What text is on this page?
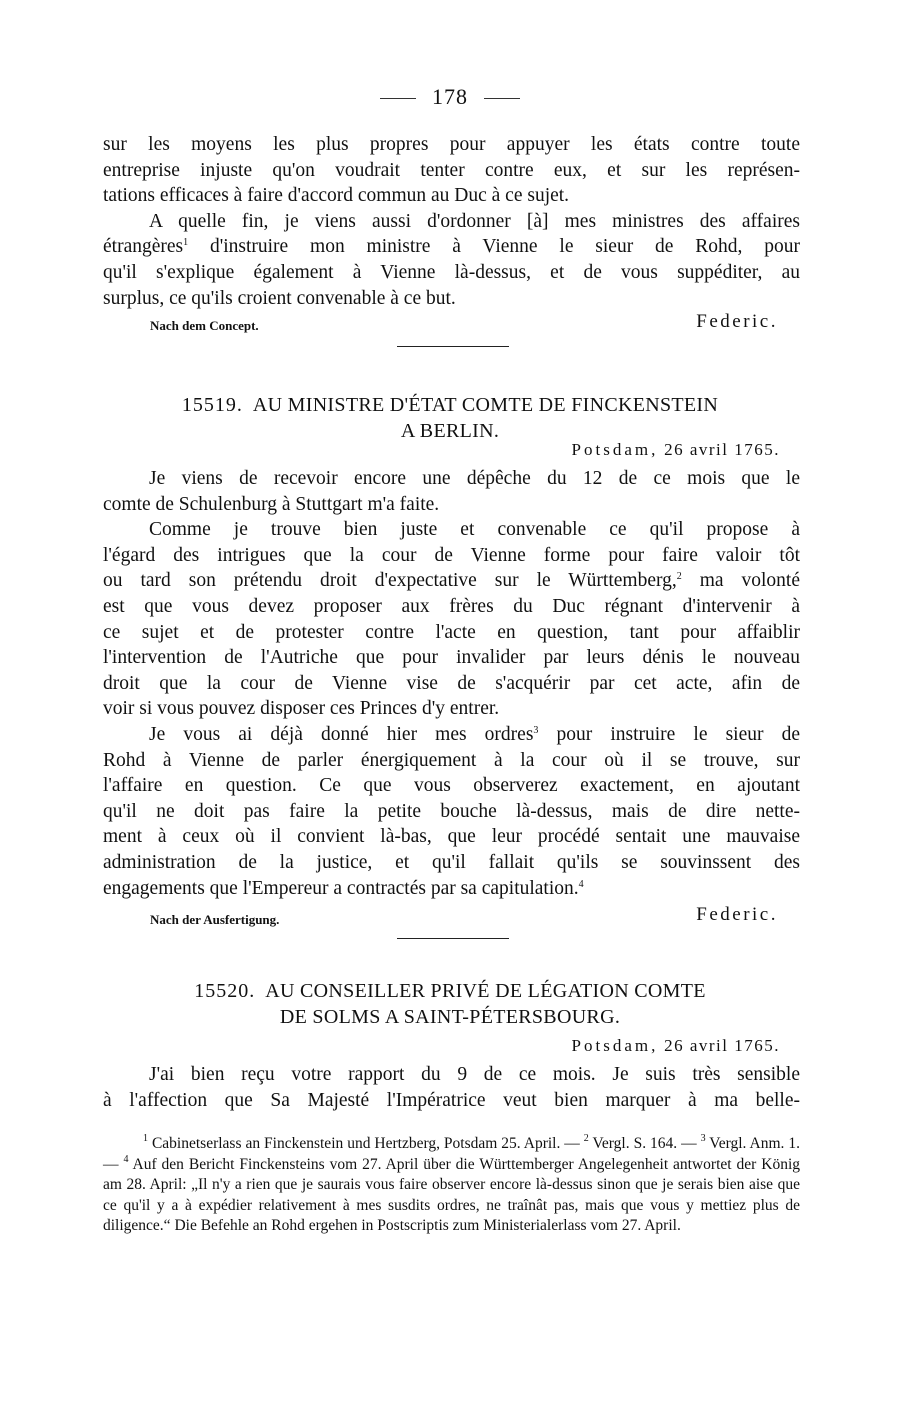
178

sur les moyens les plus propres pour appuyer les états contre toute
entreprise injuste qu'on voudrait tenter contre eux, et sur les représen-
tations efficaces à faire d'accord commun au Duc à ce sujet.

A quelle fin, je viens aussi d'ordonner [à] mes ministres des affaires
étrangères$^1$ d'instruire mon ministre à Vienne le sieur de Rohd, pour
qu'il s'explique également à Vienne là-dessus, et de vous suppéditer, au
surplus, ce qu'ils croient convenable à ce but.

Nach dem Concept.	Federic.
15519. AU MINISTRE D'ÉTAT COMTE DE FINCKENSTEIN
A BERLIN.
Potsdam, 26 avril 1765.

Je viens de recevoir encore une dépêche du 12 de ce mois que le
comte de Schulenburg à Stuttgart m'a faite.

Comme je trouve bien juste et convenable ce qu'il propose à
l'égard des intrigues que la cour de Vienne forme pour faire valoir tôt
ou tard son prétendu droit d'expectative sur le Württemberg,$^2$ ma volonté
est que vous devez proposer aux frères du Duc régnant d'intervenir à
ce sujet et de protester contre l'acte en question, tant pour affaiblir
l'intervention de l'Autriche que pour invalider par leurs dénis le nouveau
droit que la cour de Vienne vise de s'acquérir par cet acte, afin de
voir si vous pouvez disposer ces Princes d'y entrer.

Je vous ai déjà donné hier mes ordres$^3$ pour instruire le sieur de
Rohd à Vienne de parler énergiquement à la cour où il se trouve, sur
l'affaire en question. Ce que vous observerez exactement, en ajoutant
qu'il ne doit pas faire la petite bouche là-dessus, mais de dire nette-
ment à ceux où il convient là-bas, que leur procédé sentait une mauvaise
administration de la justice, et qu'il fallait qu'ils se souvinssent des
engagements que l'Empereur a contractés par sa capitulation.$^4$

Nach der Ausfertigung.	Federic.
15520. AU CONSEILLER PRIVÉ DE LÉGATION COMTE
DE SOLMS A SAINT-PÉTERSBOURG.
Potsdam, 26 avril 1765.

J'ai bien reçu votre rapport du 9 de ce mois. Je suis très sensible
à l'affection que Sa Majesté l'Impératrice veut bien marquer à ma belle-

$^1$ Cabinetserlass an Finckenstein und Hertzberg, Potsdam 25. April. — $^2$ Vergl. S. 164. — $^3$ Vergl. Anm. 1. — $^4$ Auf den Bericht Finckensteins vom 27. April über die Württemberger Angelegenheit antwortet der König am 28. April: „Il n'y a rien que je saurais vous faire observer encore là-dessus sinon que je serais bien aise que ce qu'il y a à expédier relativement à mes susdits ordres, ne traînât pas, mais que vous y mettiez plus de diligence.“ Die Befehle an Rohd ergehen in Postscriptis zum Ministerialerlass vom 27. April.
